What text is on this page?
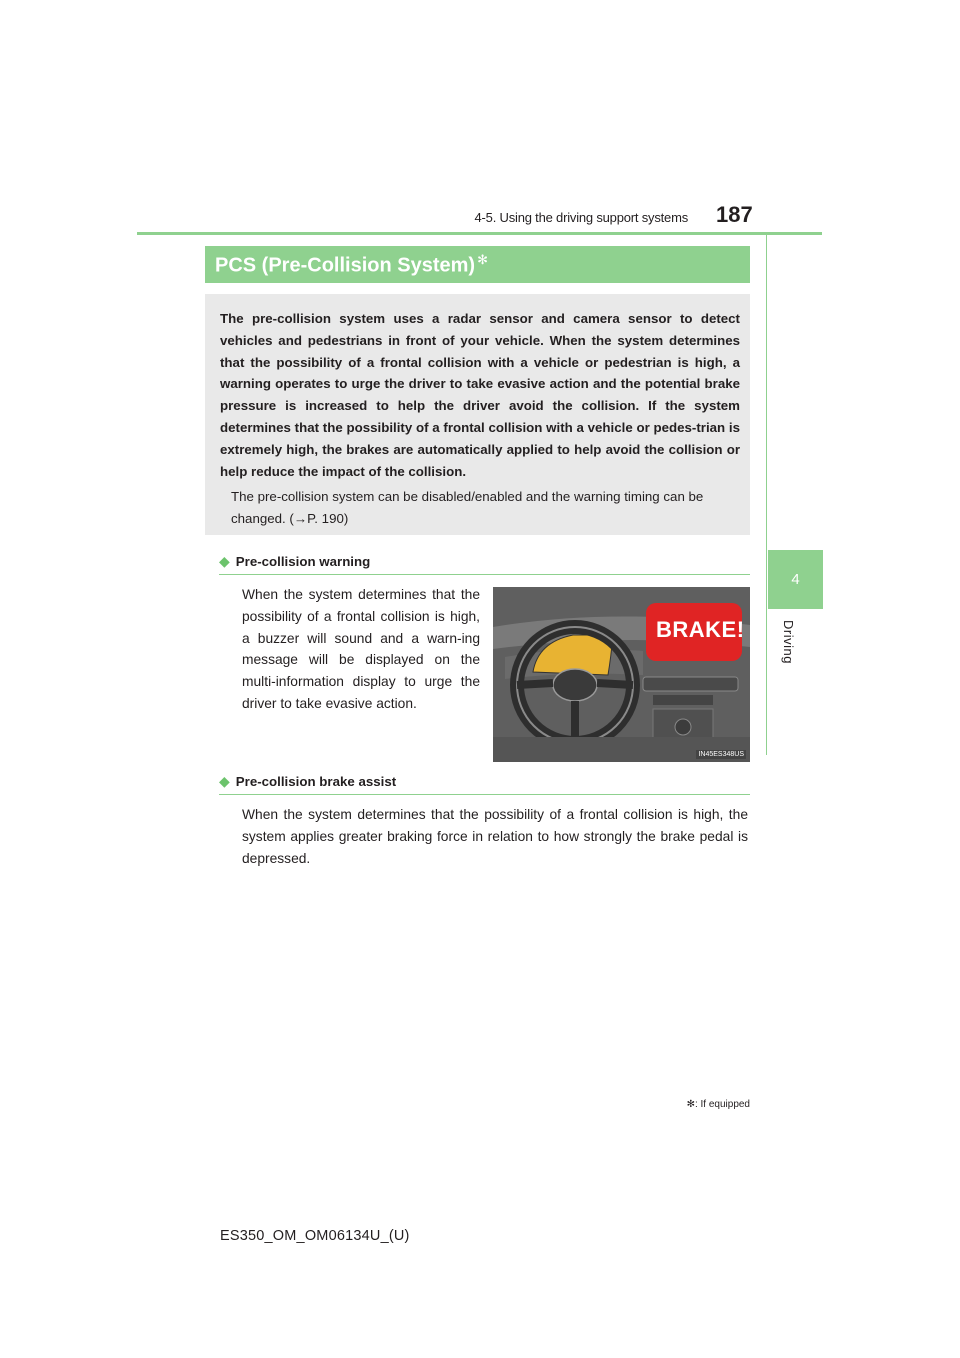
4-5. Using the driving support systems 187
4
Driving
PCS (Pre-Collision System) ✻
The pre-collision system uses a radar sensor and camera sensor to detect vehicles and pedestrians in front of your vehicle. When the system determines that the possibility of a frontal collision with a vehicle or pedestrian is high, a warning operates to urge the driver to take evasive action and the potential brake pressure is increased to help the driver avoid the collision. If the system determines that the possibility of a frontal collision with a vehicle or pedes-trian is extremely high, the brakes are automatically applied to help avoid the collision or help reduce the impact of the collision.
The pre-collision system can be disabled/enabled and the warning timing can be changed. (→P. 190)
◆ Pre-collision warning
When the system determines that the possibility of a frontal collision is high, a buzzer will sound and a warn-ing message will be displayed on the multi-information display to urge the driver to take evasive action.
BRAKE!
IN45ES348US
◆ Pre-collision brake assist
When the system determines that the possibility of a frontal collision is high, the system applies greater braking force in relation to how strongly the brake pedal is depressed.
✻: If equipped
ES350_OM_OM06134U_(U)
